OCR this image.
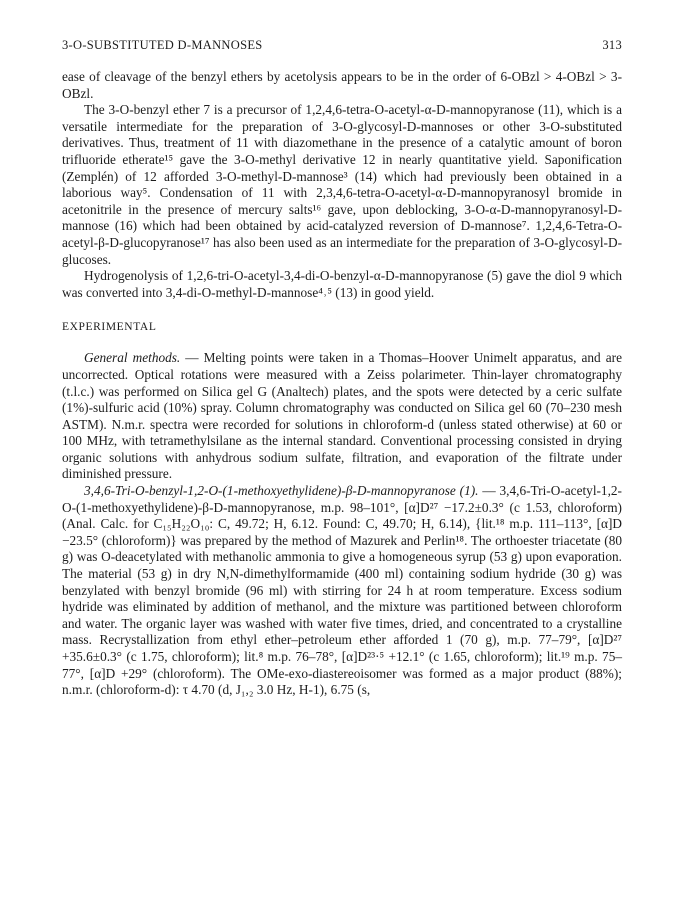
3-O-SUBSTITUTED D-MANNOSES	313

ease of cleavage of the benzyl ethers by acetolysis appears to be in the order of 6-OBzl > 4-OBzl > 3-OBzl.

The 3-O-benzyl ether 7 is a precursor of 1,2,4,6-tetra-O-acetyl-α-D-mannopyranose (11), which is a versatile intermediate for the preparation of 3-O-glycosyl-D-mannoses or other 3-O-substituted derivatives. Thus, treatment of 11 with diazomethane in the presence of a catalytic amount of boron trifluoride etherate¹⁵ gave the 3-O-methyl derivative 12 in nearly quantitative yield. Saponification (Zemplén) of 12 afforded 3-O-methyl-D-mannose³ (14) which had previously been obtained in a laborious way⁵. Condensation of 11 with 2,3,4,6-tetra-O-acetyl-α-D-mannopyranosyl bromide in acetonitrile in the presence of mercury salts¹⁶ gave, upon deblocking, 3-O-α-D-mannopyranosyl-D-mannose (16) which had been obtained by acid-catalyzed reversion of D-mannose⁷. 1,2,4,6-Tetra-O-acetyl-β-D-glucopyranose¹⁷ has also been used as an intermediate for the preparation of 3-O-glycosyl-D-glucoses.

Hydrogenolysis of 1,2,6-tri-O-acetyl-3,4-di-O-benzyl-α-D-mannopyranose (5) gave the diol 9 which was converted into 3,4-di-O-methyl-D-mannose⁴˒⁵ (13) in good yield.

EXPERIMENTAL

General methods. — Melting points were taken in a Thomas–Hoover Unimelt apparatus, and are uncorrected. Optical rotations were measured with a Zeiss polarimeter. Thin-layer chromatography (t.l.c.) was performed on Silica gel G (Analtech) plates, and the spots were detected by a ceric sulfate (1%)-sulfuric acid (10%) spray. Column chromatography was conducted on Silica gel 60 (70–230 mesh ASTM). N.m.r. spectra were recorded for solutions in chloroform-d (unless stated otherwise) at 60 or 100 MHz, with tetramethylsilane as the internal standard. Conventional processing consisted in drying organic solutions with anhydrous sodium sulfate, filtration, and evaporation of the filtrate under diminished pressure.

3,4,6-Tri-O-benzyl-1,2-O-(1-methoxyethylidene)-β-D-mannopyranose (1). — 3,4,6-Tri-O-acetyl-1,2-O-(1-methoxyethylidene)-β-D-mannopyranose, m.p. 98–101°, [α]D²⁷ −17.2±0.3° (c 1.53, chloroform)(Anal. Calc. for C₁₅H₂₂O₁₀: C, 49.72; H, 6.12. Found: C, 49.70; H, 6.14), {lit.¹⁸ m.p. 111–113°, [α]D −23.5° (chloroform)} was prepared by the method of Mazurek and Perlin¹⁸. The orthoester triacetate (80 g) was O-deacetylated with methanolic ammonia to give a homogeneous syrup (53 g) upon evaporation. The material (53 g) in dry N,N-dimethylformamide (400 ml) containing sodium hydride (30 g) was benzylated with benzyl bromide (96 ml) with stirring for 24 h at room temperature. Excess sodium hydride was eliminated by addition of methanol, and the mixture was partitioned between chloroform and water. The organic layer was washed with water five times, dried, and concentrated to a crystalline mass. Recrystallization from ethyl ether–petroleum ether afforded 1 (70 g), m.p. 77–79°, [α]D²⁷ +35.6±0.3° (c 1.75, chloroform); lit.⁸ m.p. 76–78°, [α]D²³·⁵ +12.1° (c 1.65, chloroform); lit.¹⁹ m.p. 75–77°, [α]D +29° (chloroform). The OMe-exo-diastereoisomer was formed as a major product (88%); n.m.r. (chloroform-d): τ 4.70 (d, J₁,₂ 3.0 Hz, H-1), 6.75 (s,
